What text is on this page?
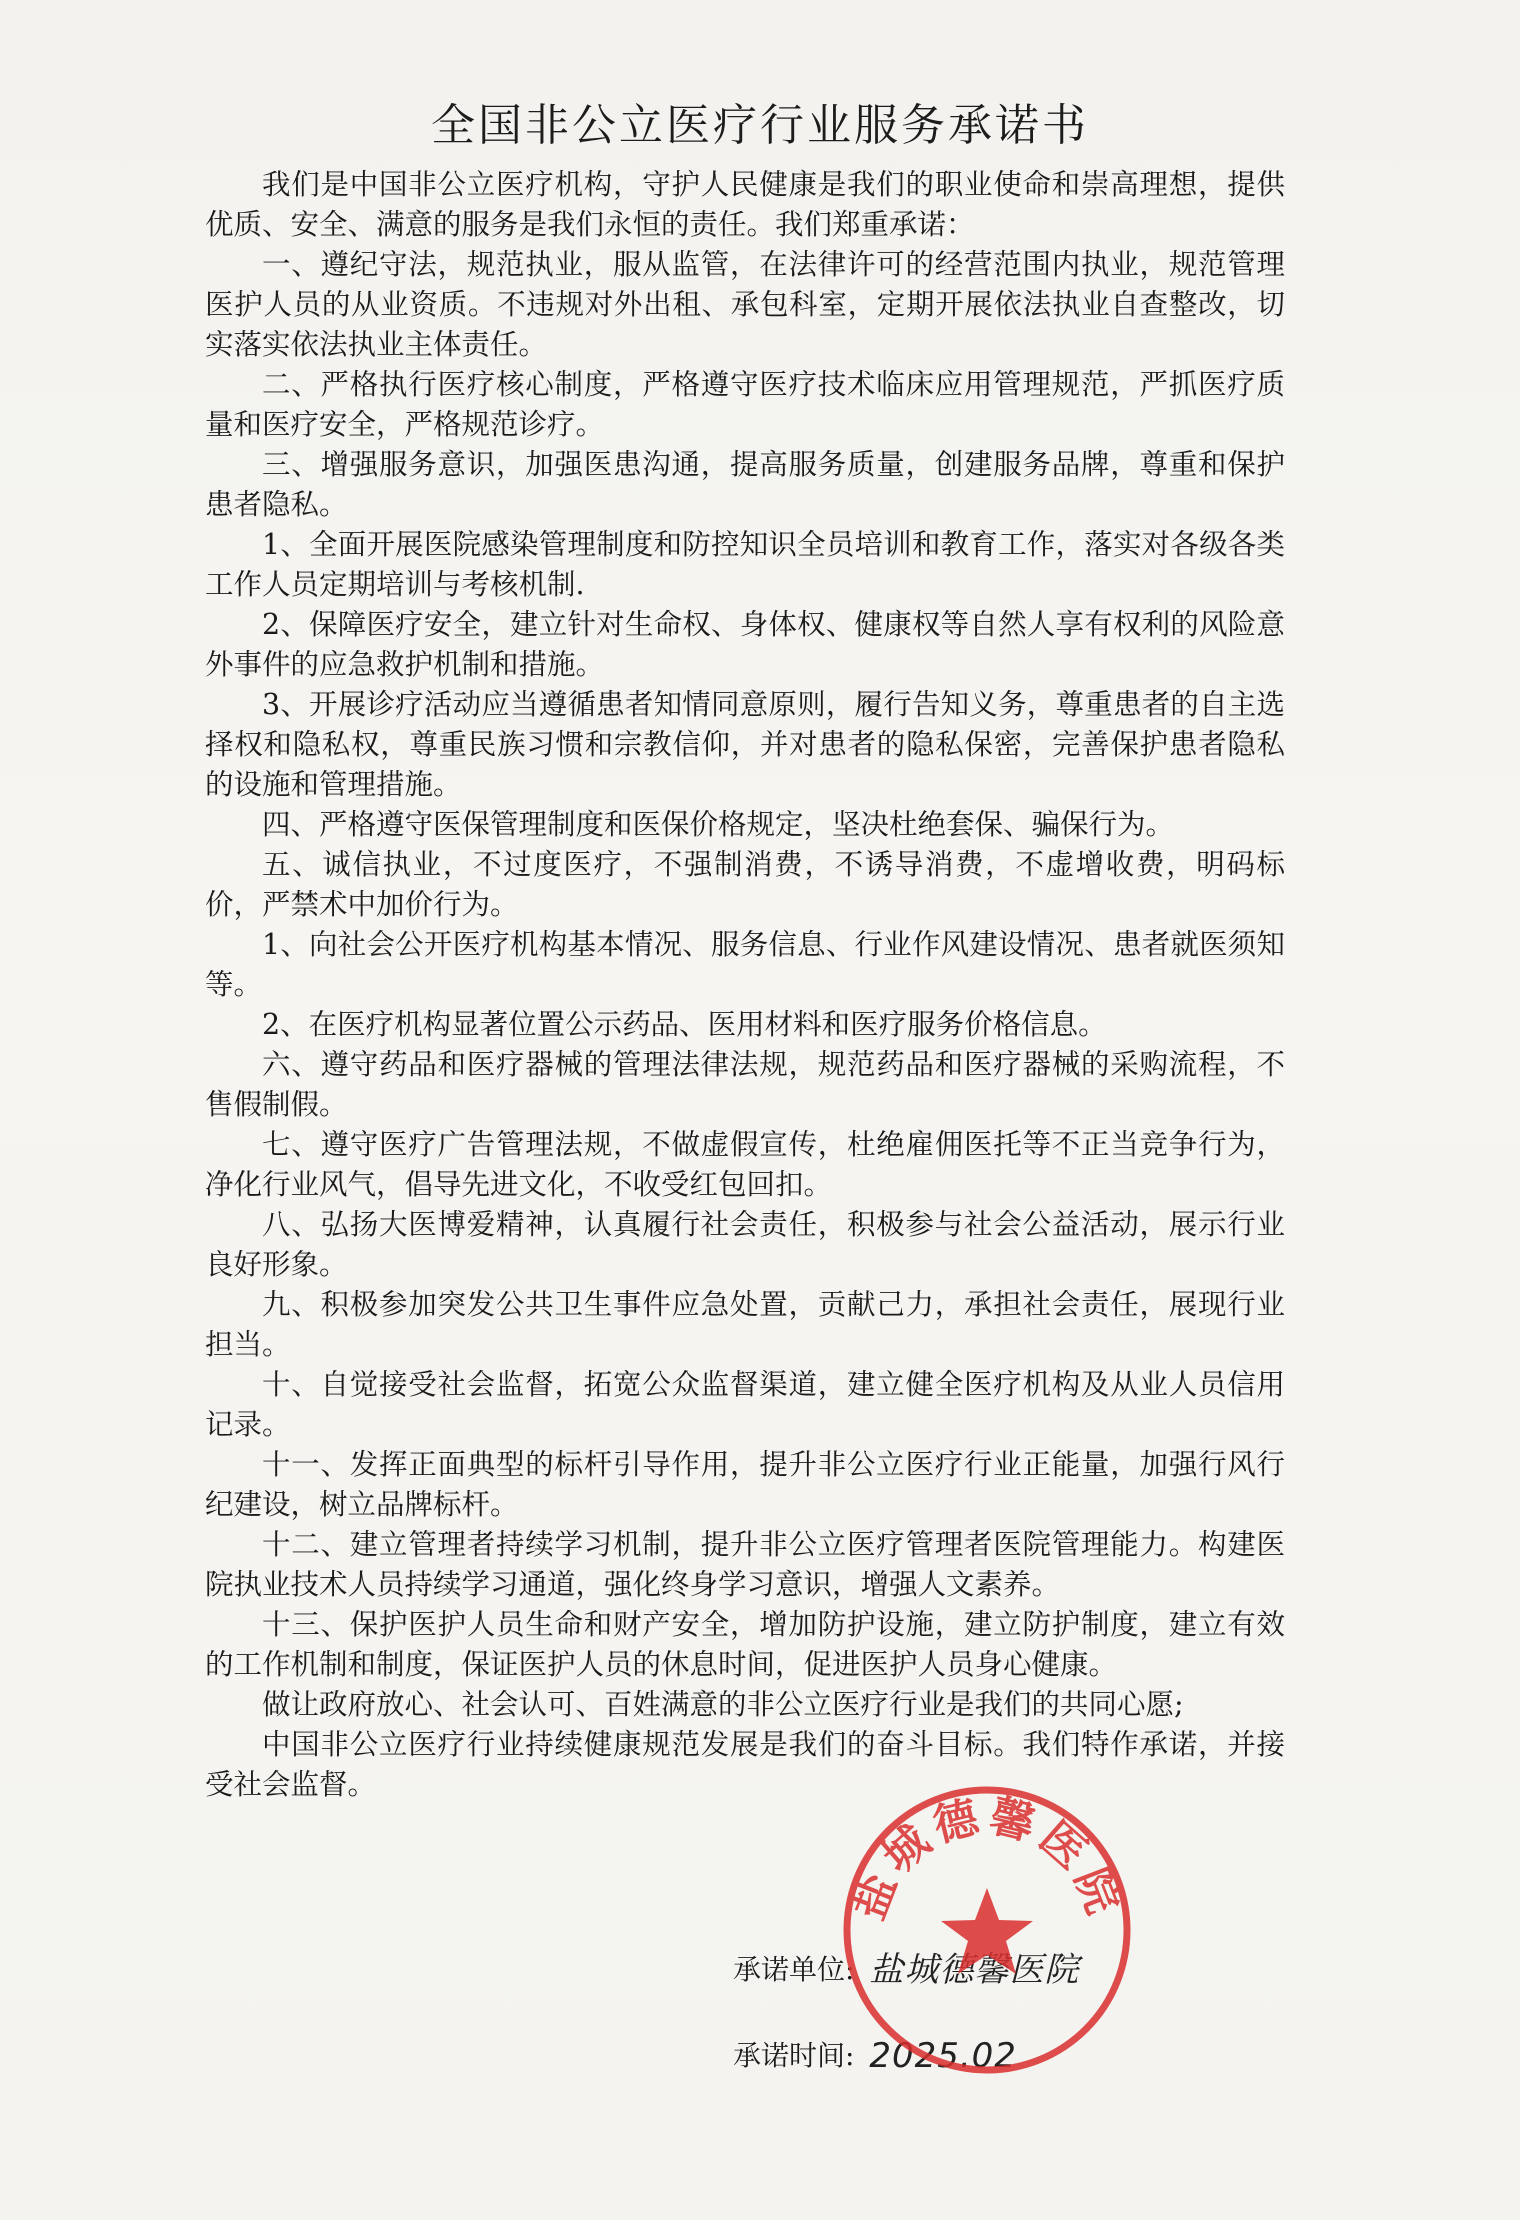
全国非公立医疗行业服务承诺书

我们是中国非公立医疗机构，守护人民健康是我们的职业使命和崇高理想，提供优质、安全、满意的服务是我们永恒的责任。我们郑重承诺：

一、遵纪守法，规范执业，服从监管，在法律许可的经营范围内执业，规范管理医护人员的从业资质。不违规对外出租、承包科室，定期开展依法执业自查整改，切实落实依法执业主体责任。

二、严格执行医疗核心制度，严格遵守医疗技术临床应用管理规范，严抓医疗质量和医疗安全，严格规范诊疗。

三、增强服务意识，加强医患沟通，提高服务质量，创建服务品牌，尊重和保护患者隐私。

1、全面开展医院感染管理制度和防控知识全员培训和教育工作，落实对各级各类工作人员定期培训与考核机制.

2、保障医疗安全，建立针对生命权、身体权、健康权等自然人享有权利的风险意外事件的应急救护机制和措施。

3、开展诊疗活动应当遵循患者知情同意原则，履行告知义务，尊重患者的自主选择权和隐私权，尊重民族习惯和宗教信仰，并对患者的隐私保密，完善保护患者隐私的设施和管理措施。

四、严格遵守医保管理制度和医保价格规定，坚决杜绝套保、骗保行为。

五、诚信执业，不过度医疗，不强制消费，不诱导消费，不虚增收费，明码标价，严禁术中加价行为。

1、向社会公开医疗机构基本情况、服务信息、行业作风建设情况、患者就医须知等。

2、在医疗机构显著位置公示药品、医用材料和医疗服务价格信息。

六、遵守药品和医疗器械的管理法律法规，规范药品和医疗器械的采购流程，不售假制假。

七、遵守医疗广告管理法规，不做虚假宣传，杜绝雇佣医托等不正当竞争行为，净化行业风气，倡导先进文化，不收受红包回扣。

八、弘扬大医博爱精神，认真履行社会责任，积极参与社会公益活动，展示行业良好形象。

九、积极参加突发公共卫生事件应急处置，贡献己力，承担社会责任，展现行业担当。

十、自觉接受社会监督，拓宽公众监督渠道，建立健全医疗机构及从业人员信用记录。

十一、发挥正面典型的标杆引导作用，提升非公立医疗行业正能量，加强行风行纪建设，树立品牌标杆。

十二、建立管理者持续学习机制，提升非公立医疗管理者医院管理能力。构建医院执业技术人员持续学习通道，强化终身学习意识，增强人文素养。

十三、保护医护人员生命和财产安全，增加防护设施，建立防护制度，建立有效的工作机制和制度，保证医护人员的休息时间，促进医护人员身心健康。

做让政府放心、社会认可、百姓满意的非公立医疗行业是我们的共同心愿;

中国非公立医疗行业持续健康规范发展是我们的奋斗目标。我们特作承诺，并接受社会监督。

承诺单位: 盐城德馨医院
承诺时间: 2025.02
盐城德馨医院
